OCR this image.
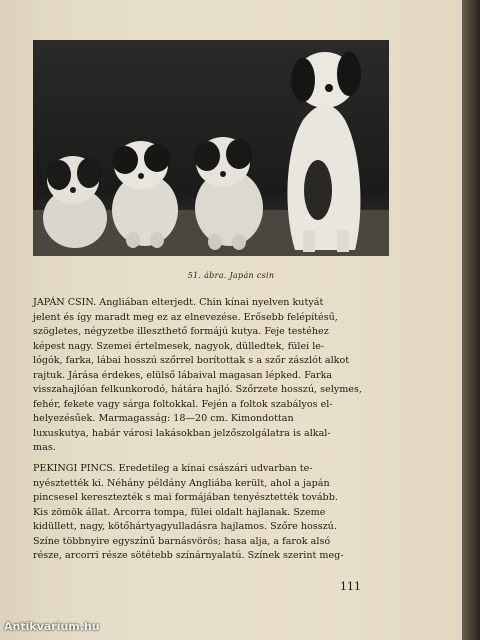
51. ábra. Japán csin

JAPÁN CSIN. Angliában elterjedt. Chin kínai nyelven kutyát
jelent és így maradt meg ez az elnevezése. Erősebb felépítésű,
szögletes, négyzetbe illeszthető formájú kutya. Feje testéhez
képest nagy. Szemei értelmesek, nagyok, dülledtek, fülei le-
lógók, farka, lábai hosszú szőrrel borítottak s a szőr zászlót alkot
rajtuk. Járása érdekes, elülső lábaival magasan lépked. Farka
visszahajlóan felkunkorodó, hátára hajló. Szőrzete hosszú, selymes,
fehér, fekete vagy sárga foltokkal. Fején a foltok szabályos el-
helyezésűek. Marmagasság: 18—20 cm. Kimondottan
luxuskutya, habár városi lakásokban jelzőszolgálatra is alkal-
mas.

PEKINGI PINCS. Eredetileg a kínai császári udvarban te-
nyésztették ki. Néhány példány Angliába került, ahol a japán
pincsesel keresztezték s mai formájában tenyésztették tovább.
Kis zömök állat. Arcorra tompa, fülei oldalt hajlanak. Szeme
kidüllett, nagy, kötőhártyagyulladásra hajlamos. Szőre hosszú.
Színe többnyire egyszínű barnásvörös; hasa alja, a farok alsó
része, arcorri része sötétebb színárnyalatú. Színek szerint meg-

111
Antikvarium.hu
